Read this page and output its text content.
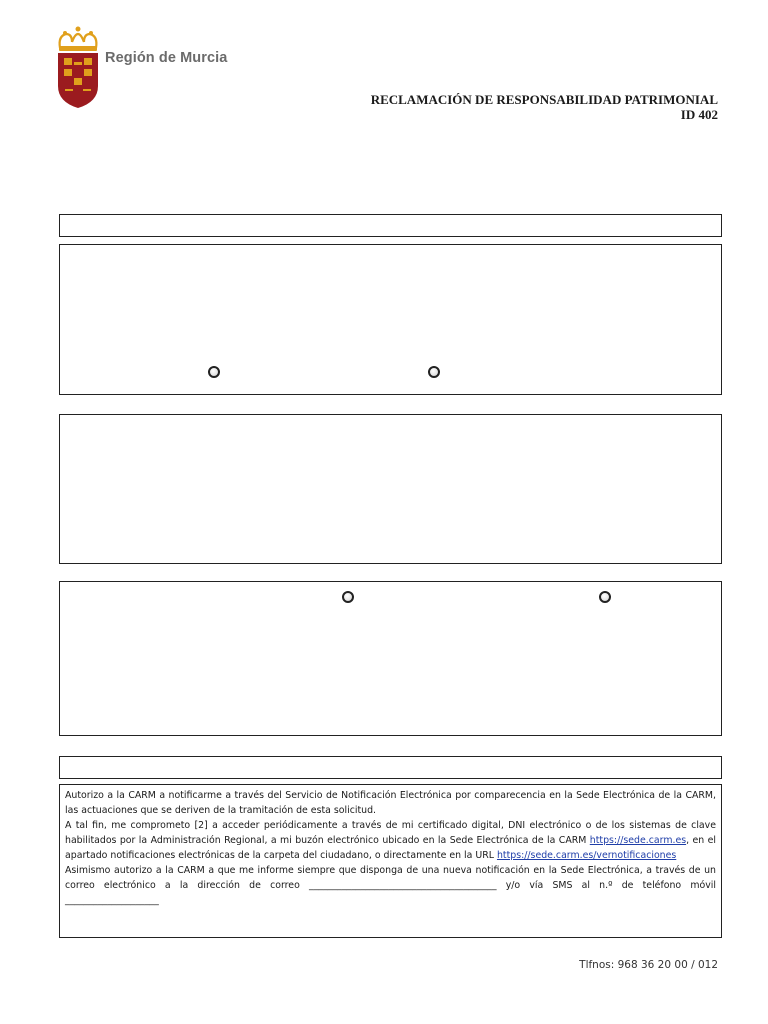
Región de Murcia
RECLAMACIÓN DE RESPONSABILIDAD PATRIMONIAL
ID 402

Autorizo a la CARM a notificarme a través del Servicio de Notificación Electrónica por comparecencia en la Sede Electrónica de la CARM, las actuaciones que se deriven de la tramitación de esta solicitud.

A tal fin, me comprometo [2] a acceder periódicamente a través de mi certificado digital, DNI electrónico o de los sistemas de clave habilitados por la Administración Regional, a mi buzón electrónico ubicado en la Sede Electrónica de la CARM https://sede.carm.es, en el apartado notificaciones electrónicas de la carpeta del ciudadano, o directamente en la URL https://sede.carm.es/vernotificaciones

Asimismo autorizo a la CARM a que me informe siempre que disponga de una nueva notificación en la Sede Electrónica, a través de un correo electrónico a la dirección de correo ________________________________________ y/o vía SMS al n.º de teléfono móvil ____________________

Tlfnos: 968 36 20 00 / 012
